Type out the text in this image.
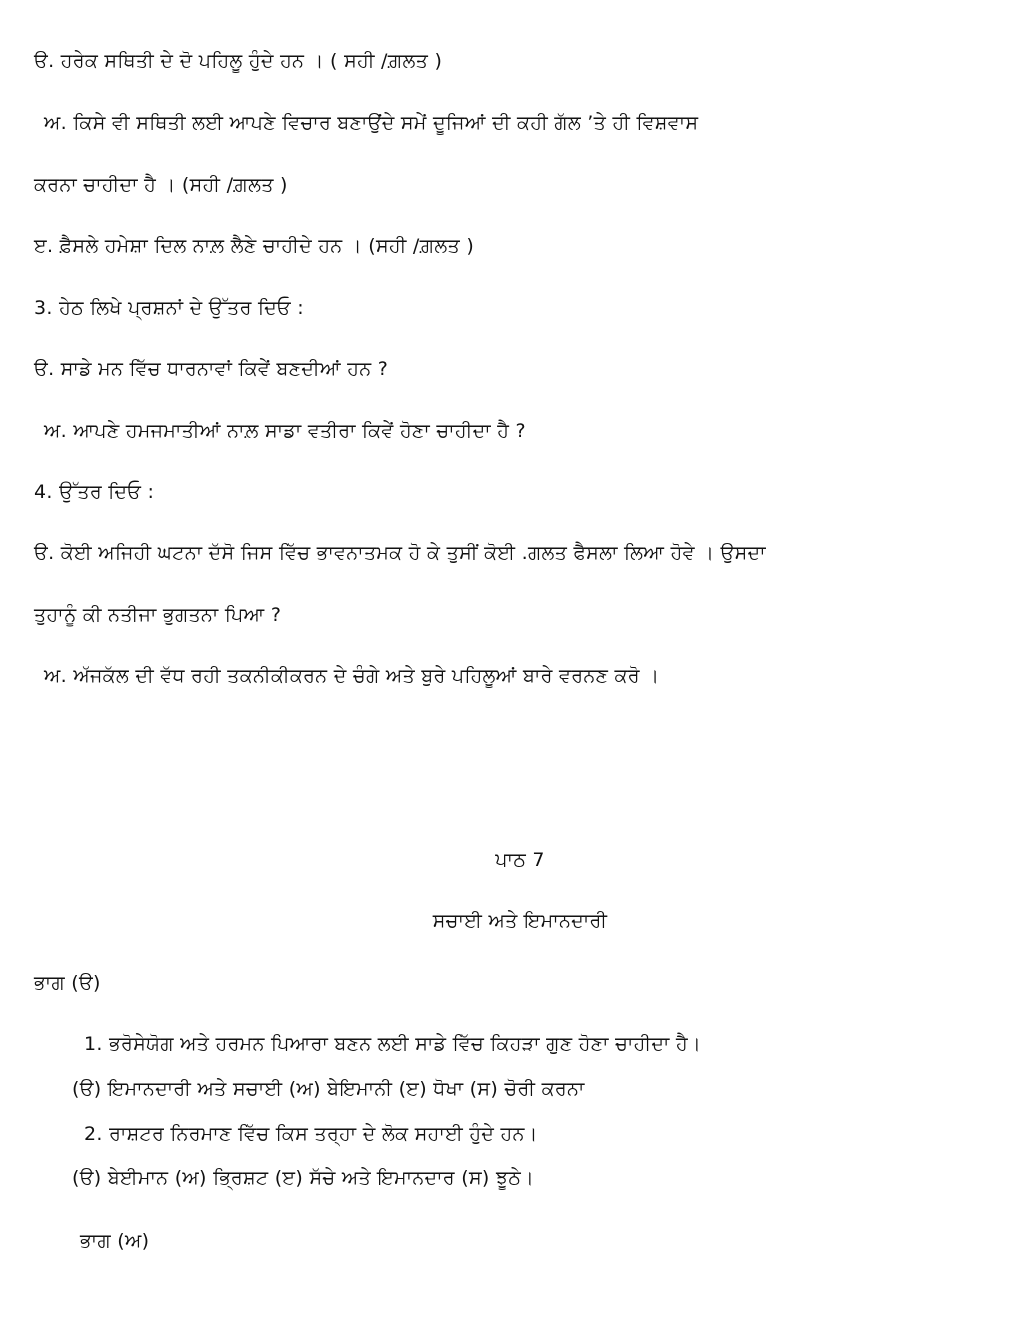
ੳ. ਹਰੇਕ ਸਥਿਤੀ ਦੇ ਦੋ ਪਹਿਲੂ ਹੁੰਦੇ ਹਨ । ( ਸਹੀ /ਗ਼ਲਤ )
ਅ. ਕਿਸੇ ਵੀ ਸਥਿਤੀ ਲਈ ਆਪਣੇ ਵਿਚਾਰ ਬਣਾਉਂਦੇ ਸਮੇਂ ਦੂਜਿਆਂ ਦੀ ਕਹੀ ਗੱਲ ’ਤੇ ਹੀ ਵਿਸ਼ਵਾਸ
ਕਰਨਾ ਚਾਹੀਦਾ ਹੈ । (ਸਹੀ /ਗ਼ਲਤ )
ੲ. ਫ਼ੈਸਲੇ ਹਮੇਸ਼ਾ ਦਿਲ ਨਾਲ਼ ਲੈਣੇ ਚਾਹੀਦੇ ਹਨ । (ਸਹੀ /ਗ਼ਲਤ )
3. ਹੇਠ ਲਿਖੇ ਪ੍ਰਸ਼ਨਾਂ ਦੇ ਉੱਤਰ ਦਿਓ :
ੳ. ਸਾਡੇ ਮਨ ਵਿੱਚ ਧਾਰਨਾਵਾਂ ਕਿਵੇਂ ਬਣਦੀਆਂ ਹਨ ?
ਅ. ਆਪਣੇ ਹਮਜਮਾਤੀਆਂ ਨਾਲ਼ ਸਾਡਾ ਵਤੀਰਾ ਕਿਵੇਂ ਹੋਣਾ ਚਾਹੀਦਾ ਹੈ ?
4. ਉੱਤਰ ਦਿਓ :
ੳ. ਕੋਈ ਅਜਿਹੀ ਘਟਨਾ ਦੱਸੋ ਜਿਸ ਵਿੱਚ ਭਾਵਨਾਤਮਕ ਹੋ ਕੇ ਤੁਸੀਂ ਕੋਈ .ਗਲਤ ਫੈਸਲਾ ਲਿਆ ਹੋਵੇ । ਉਸਦਾ
ਤੁਹਾਨੂੰ ਕੀ ਨਤੀਜਾ ਭੁਗਤਨਾ ਪਿਆ ?
ਅ. ਅੱਜਕੱਲ ਦੀ ਵੱਧ ਰਹੀ ਤਕਨੀਕੀਕਰਨ ਦੇ ਚੰਗੇ ਅਤੇ ਬੁਰੇ ਪਹਿਲੂਆਂ ਬਾਰੇ ਵਰਨਣ ਕਰੋ ।
ਪਾਠ 7
ਸਚਾਈ ਅਤੇ ਇਮਾਨਦਾਰੀ
ਭਾਗ (ੳ)
1. ਭਰੋਸੇਯੋਗ ਅਤੇ ਹਰਮਨ ਪਿਆਰਾ ਬਣਨ ਲਈ ਸਾਡੇ ਵਿੱਚ ਕਿਹੜਾ ਗੁਣ ਹੋਣਾ ਚਾਹੀਦਾ ਹੈ।
(ੳ) ਇਮਾਨਦਾਰੀ ਅਤੇ ਸਚਾਈ (ਅ) ਬੇਇਮਾਨੀ (ੲ) ਧੋਖਾ (ਸ) ਚੋਰੀ ਕਰਨਾ
2. ਰਾਸ਼ਟਰ ਨਿਰਮਾਣ ਵਿੱਚ ਕਿਸ ਤਰ੍ਹਾ ਦੇ ਲੋਕ ਸਹਾਈ ਹੁੰਦੇ ਹਨ।
(ੳ) ਬੇਈਮਾਨ (ਅ) ਭ੍ਰਿਸ਼ਟ (ੲ) ਸੱਚੇ ਅਤੇ ਇਮਾਨਦਾਰ (ਸ) ਝੂਠੇ।
ਭਾਗ (ਅ)
